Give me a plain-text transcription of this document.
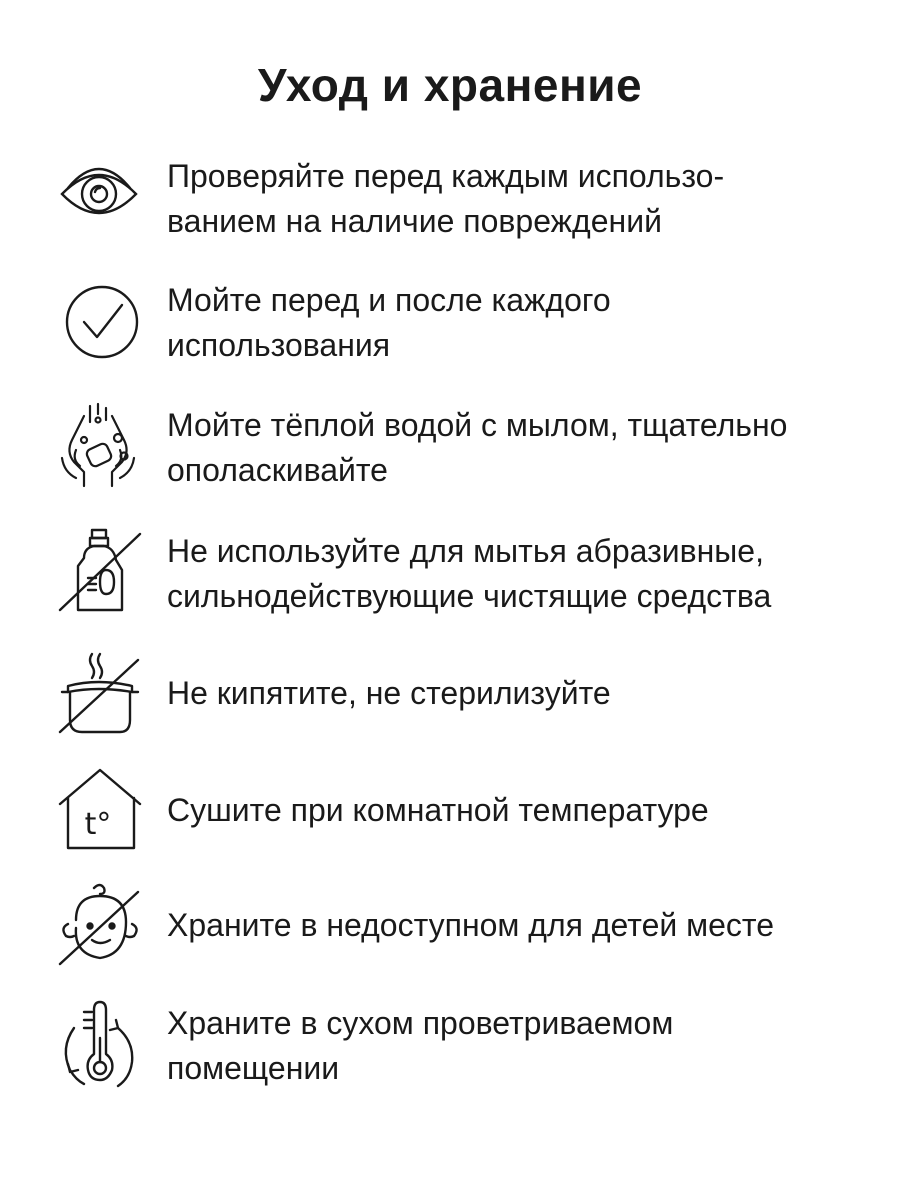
Уход и хранение
Проверяйте перед каждым использо-
ванием на наличие повреждений
Мойте перед и после каждого
использования
Мойте тёплой водой с мылом, тщательно
ополаскивайте
Не используйте для мытья абразивные,
сильнодействующие чистящие средства
Не кипятите, не стерилизуйте
t° Сушите при комнатной температуре
Храните в недоступном для детей месте
Храните в сухом проветриваемом
помещении
